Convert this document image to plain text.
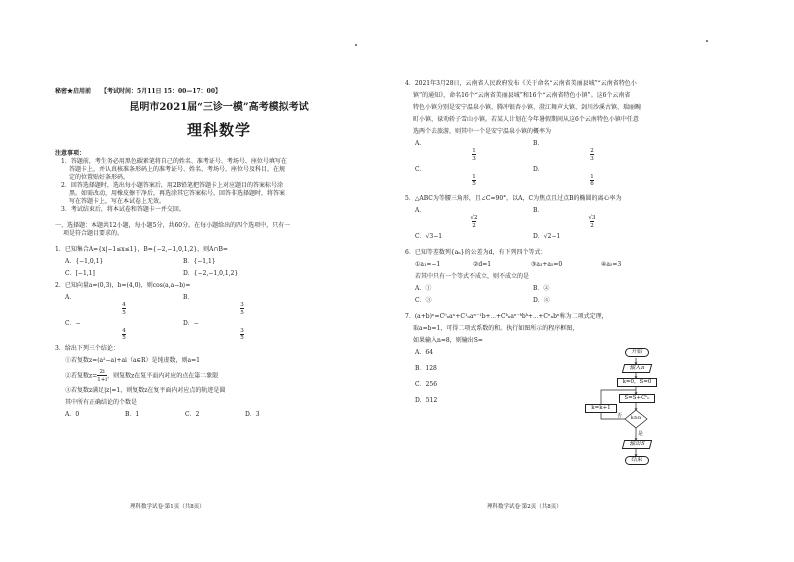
秘密★启用前 【考试时间：5月11日 15：00—17：00】
昆明市2021届“三诊一模”高考模拟考试
理科数学
注意事项：
1．答题前，考生务必用黑色碳素笔将自己的姓名、准考证号、考场号、座位号填写在
答题卡上，并认真核准条形码上的准考证号、姓名、考场号、座位号及科目，在规
定的位置贴好条形码。
2．回答选择题时，选出每小题答案后，用2B铅笔把答题卡上对应题目的答案标号涂
黑。如需改动，用橡皮擦干净后，再选涂其它答案标号。回答非选择题时，将答案
写在答题卡上，写在本试卷上无效。
3．考试结束后，将本试卷和答题卡一并交回。
一、选择题：本题共12小题，每小题5分，共60分。在每小题给出的四个选项中，只有一
项是符合题目要求的。
1．已知集合A={x|−1≤x≤1}，B={−2,−1,0,1,2}，则A∩B=
A．{−1,0,1}	B．{−1,1}
C．[−1,1]	D．{−2,−1,0,1,2}
2．已知向量a=(0,3)，b=(4,0)，则cos⟨a,a−b⟩=
A．
$\frac{4}{5}$
B．
$\frac{3}{5}$
C．−
$\frac{4}{5}$
D．−
$\frac{3}{5}$
3．给出下列三个结论：
①若复数z=(a²−a)+ai（a∈R）是纯虚数，则a=1
②若复数$z= \frac{2i}{1+i}$ ，则复数z在复平面内对应的点在第二象限
③若复数z满足|z|=1，则复数z在复平面内对应点的轨迹是圆
其中所有正确结论的个数是
A．0	B．1	C．2	D．3
理科数学试卷·第1页（共8页）
4．2021年3月28日，云南省人民政府发布《关于命名“云南省美丽县城”“云南省特色小
镇”的通知》，命名16个“云南省美丽县城”和16个“云南省特色小镇”。这6个云南省
特色小镇分别是安宁温泉小镇、腾冲银杏小镇、澄江舞声大镇、剑川沙溪古镇、瑞丽畹
町小镇、禄劝轿子雪山小镇。若某人计划在今年暑假期间从这6个云南特色小镇中任意
选两个去旅游，则其中一个是安宁温泉小镇的概率为
A．
$\frac{1}{3}$
B．
$\frac{2}{3}$
C．
$\frac{1}{5}$
D．
$\frac{1}{6}$
5．△ABC为等腰三角形，且∠C=90°，以A，C为焦点且过点B的椭圆的离心率为
A．
$\frac{√2}{2}$
B．
$\frac{√3}{2}$
C．√3−1	D．√2−1
6．已知等差数列{aₙ}的公差为d，有下列四个等式：
①a₁=−1	②d=1	③a₃+a₅=0	④a₅=3
若其中只有一个等式不成立，则不成立的是
A．①	B．②
C．③	D．④
7．(a+b)ⁿ=C⁰ₙaⁿ+C¹ₙaⁿ⁻¹b+⋯+Cᵏₙaⁿ⁻ᵏbᵏ+⋯+Cⁿₙbⁿ称为二项式定理，
取a=b=1，可得二项式系数的和。执行如图所示的程序框图，
如果输入n=8，则输出S=
A．64
B．128
C．256
D．512
理科数学试卷·第2页（共8页）
开始
输入n
k=0，S=0
S=S+Cᵏₙ
k=k+1
k≥n
否
是
输出S
结束
